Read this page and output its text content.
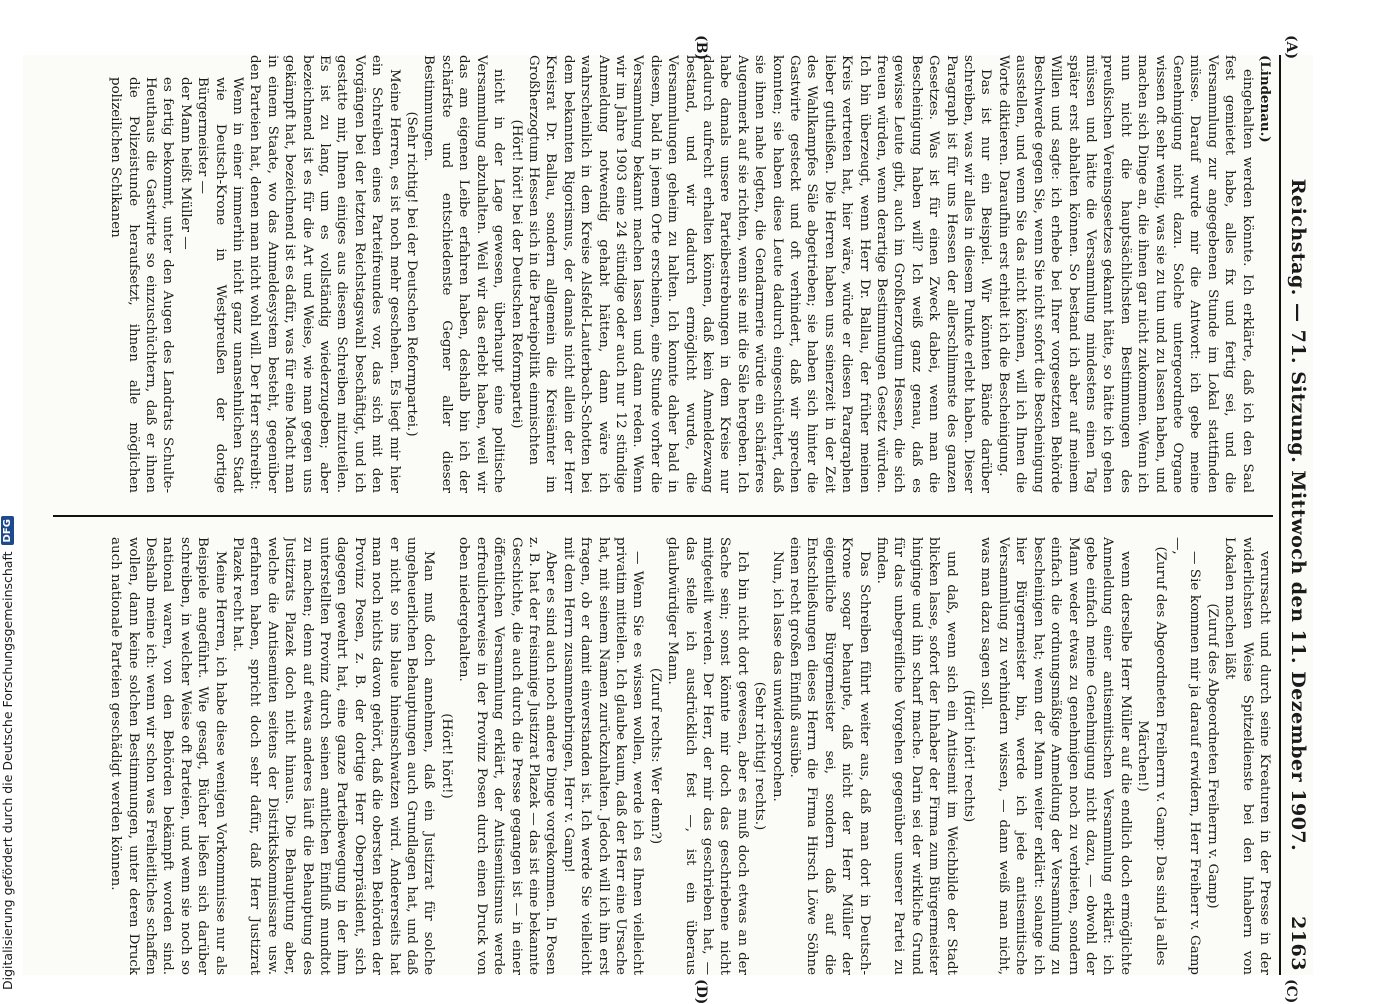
Reichstag. — 71. Sitzung. Mittwoch den 11. Dezember 1907.
2163
(A)
(B)
(C)
(D)

(Lindenau.)

eingehalten werden könnte. Ich erklärte, daß ich den Saal fest gemietet habe, alles fix und fertig sei, und die Versammlung zur angegebenen Stunde im Lokal stattfinden müsse. Darauf wurde mir die Antwort: ich gebe meine Genehmigung nicht dazu. Solche untergeordnete Organe wissen oft sehr wenig, was sie zu tun und zu lassen haben, und machen sich Dinge an, die ihnen gar nicht zukommen. Wenn ich nun nicht die hauptsächlichsten Bestimmungen des preußischen Vereinsgesetzes gekannt hätte, so hätte ich gehen müssen und hätte die Versammlung mindestens einen Tag später erst abhalten können. So bestand ich aber auf meinem Willen und sagte: ich erhebe bei Ihrer vorgesetzten Behörde Beschwerde gegen Sie, wenn Sie nicht sofort die Bescheinigung ausstellen, und wenn Sie das nicht können, will ich Ihnen die Worte diktieren. Daraufhin erst erhielt ich die Bescheinigung.

Das ist nur ein Beispiel. Wir könnten Bände darüber schreiben, was wir alles in diesem Punkte erlebt haben. Dieser Paragraph ist für uns Hessen der allerschlimmste des ganzen Gesetzes. Was ist für einen Zweck dabei, wenn man die Bescheinigung haben will? Ich weiß ganz genau, daß es gewisse Leute gibt, auch im Großherzogtum Hessen, die sich freuen würden, wenn derartige Bestimmungen Gesetz würden. Ich bin überzeugt, wenn Herr Dr. Ballau, der früher meinen Kreis vertreten hat, hier wäre, würde er diesen Paragraphen lieber gutheißen. Die Herren haben uns seinerzeit in der Zeit des Wahlkampfes Säle abgetrieben; sie haben sich hinter die Gastwirte gesteckt und oft verhindert, daß wir sprechen konnten; sie haben diese Leute dadurch eingeschüchtert, daß sie ihnen nahe legten, die Gendarmerie würde ein schärferes Augenmerk auf sie richten, wenn sie mit die Säle hergeben. Ich habe damals unsere Parteibestrebungen in dem Kreise nur dadurch aufrecht erhalten können, daß kein Anmeldezwang bestand, und wir dadurch ermöglicht wurde, die Versammlungen geheim zu halten. Ich konnte daher bald in diesem, bald in jenem Orte erscheinen, eine Stunde vorher die Versammlung bekannt machen lassen und dann reden. Wenn wir im Jahre 1903 eine 24 stündige oder auch nur 12 stündige Anmeldung notwendig gehabt hätten, dann wäre ich wahrscheinlich in dem Kreise Alsfeld-Lauterbach-Schotten bei dem bekannten Rigorismus, der damals nicht allein der Herr Kreisrat Dr. Ballau, sondern allgemein die Kreisämter im Großherzogtum Hessen sich in die Parteipolitik einmischten

(Hört! hört! bei der Deutschen Reformpartei)

nicht in der Lage gewesen, überhaupt eine politische Versammlung abzuhalten. Weil wir das erlebt haben, weil wir das am eigenen Leibe erfahren haben, deshalb bin ich der schärfste und entschiedenste Gegner aller dieser Bestimmungen.

(Sehr richtig! bei der Deutschen Reformpartei.)

Meine Herren, es ist noch mehr geschehen. Es liegt mir hier ein Schreiben eines Parteifreundes vor, das sich mit den Vorgängen bei der letzten Reichstagswahl beschäftigt, und ich gestatte mir, Ihnen einiges aus diesem Schreiben mitzuteilen. Es ist zu lang, um es vollständig wiederzugeben; aber bezeichnend ist es für die Art und Weise, wie man gegen uns gekämpft hat, bezeichnend ist es dafür, was für eine Macht man in einem Staate, wo das Anmeldesystem besteht, gegenüber den Parteien hat, denen man nicht wohl will. Der Herr schreibt:

Wenn in einer immerhin nicht ganz unansehnlichen Stadt wie Deutsch-Krone in Westpreußen der dortige Bürgermeister —

der Mann heißt Müller —

es fertig bekommt, unter den Augen des Landrats Schulte-Heuthaus die Gastwirte so einzuschüchtern, daß er ihnen die Polizeistunde heraufsetzt, ihnen alle möglichen polizeilichen Schikanen

verursacht und durch seine Kreaturen in der Presse in der widerlichsten Weise Spitzeldienste bei den Inhabern von Lokalen machen läßt

(Zuruf des Abgeordneten Freiherrn v. Gamp)

— Sie kommen mir ja darauf erwidern, Herr Freiherr v. Gamp —,

(Zuruf des Abgeordneten Freiherrn v. Gamp: Das sind ja alles Märchen!)

wenn derselbe Herr Müller auf die endlich doch ermöglichte Anmeldung einer antisemitischen Versammlung erklärt: ich gebe einfach meine Genehmigung nicht dazu, — obwohl der Mann weder etwas zu genehmigen noch zu verbieten, sondern einfach die ordnungsmäßige Anmeldung der Versammlung zu bescheinigen hat; wenn der Mann weiter erklärt: solange ich hier Bürgermeister bin, werde ich jede antisemitische Versammlung zu verhindern wissen, — dann weiß man nicht, was man dazu sagen soll.

(Hört! hört! rechts)

und daß, wenn sich ein Antisemit im Weichbilde der Stadt blicken lasse, sofort der Inhaber der Firma zum Bürgermeister hinginge und ihn scharf mache. Darin sei der wirkliche Grund für das unbegreifliche Vorgehen gegenüber unserer Partei zu finden.

Das Schreiben führt weiter aus, daß man dort in Deutsch-Krone sogar behaupte, daß nicht der Herr Müller der eigentliche Bürgermeister sei, sondern daß auf die Entschließungen dieses Herrn die Firma Hirsch Löwe Söhne einen recht großen Einfluß ausübe.

Nun, ich lasse das unwidersprochen.

(Sehr richtig! rechts.)

Ich bin nicht dort gewesen, aber es muß doch etwas an der Sache sein; sonst könnte mir doch das geschriebene nicht mitgeteilt werden. Der Herr, der mir das geschrieben hat, — das stelle ich ausdrücklich fest —, ist ein überaus glaubwürdiger Mann.

(Zuruf rechts: Wer denn?)

— Wenn Sie es wissen wollen, werde ich es Ihnen vielleicht privatim mitteilen. Ich glaube kaum, daß der Herr eine Ursache hat, mit seinem Namen zurückzuhalten. Jedoch will ich ihn erst fragen, ob er damit einverstanden ist. Ich werde Sie vielleicht mit dem Herrn zusammenbringen, Herr v. Gamp!

Aber es sind auch noch andere Dinge vorgekommen. In Posen z. B. hat der freisinnige Justizrat Plazek — das ist eine bekannte Geschichte, die auch durch die Presse gegangen ist — in einer öffentlichen Versammlung erklärt, der Antisemitismus werde erfreulicherweise in der Provinz Posen durch einen Druck von oben niedergehalten.

(Hört! hört!)

Man muß doch annehmen, daß ein Justizrat für solche ungeheuerlichen Behauptungen auch Grundlagen hat, und daß er nicht so ins blaue hineinschwatzen wird. Andererseits hat man noch nichts davon gehört, daß die obersten Behörden der Provinz Posen, z. B. der dortige Herr Oberpräsident, sich dagegen gewehrt hat, eine ganze Parteibewegung in der ihm unterstellten Provinz durch seinen amtlichen Einfluß mundtot zu machen; denn auf etwas anderes läuft die Behauptung des Justizrats Plazek doch nicht hinaus. Die Behauptung aber, welche die Antisemiten seitens der Distriktskommissare usw. erfahren haben, spricht doch sehr dafür, daß Herr Justizrat Plazek recht hat.

Meine Herren, ich habe diese wenigen Vorkommnisse nur als Beispiele angeführt. Wie gesagt, Bücher ließen sich darüber schreiben, in welcher Weise oft Parteien, und wenn sie noch so national waren, von den Behörden bekämpft worden sind. Deshalb meine ich: wenn wir schon was Freiheitliches schaffen wollen, dann keine solchen Bestimmungen, unter deren Druck auch nationale Parteien geschädigt werden können.

Digitalisierung gefördert durch die Deutsche Forschungsgemeinschaft
DFG
